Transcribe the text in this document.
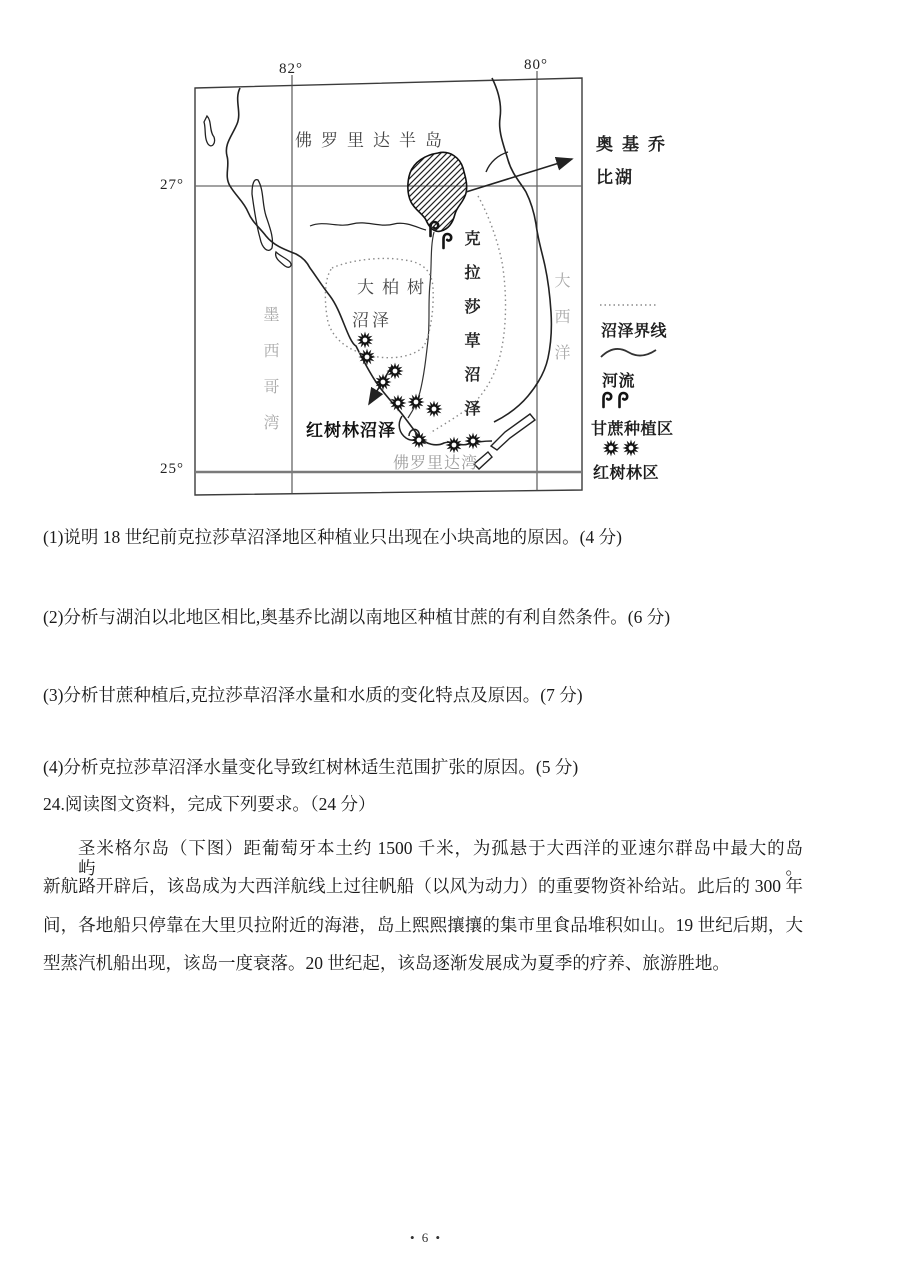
82°	80°
27°
25°
佛罗里达半岛	奥基乔
比湖
克拉莎草沼泽
大柏树
沼泽
墨西哥湾	大西洋
红树林沼泽
佛罗里达湾
沼泽界线
河流
甘蔗种植区
红树林区
(1)说明 18 世纪前克拉莎草沼泽地区种植业只出现在小块高地的原因。(4 分)
(2)分析与湖泊以北地区相比,奥基乔比湖以南地区种植甘蔗的有利自然条件。(6 分)
(3)分析甘蔗种植后,克拉莎草沼泽水量和水质的变化特点及原因。(7 分)
(4)分析克拉莎草沼泽水量变化导致红树林适生范围扩张的原因。(5 分)
24.阅读图文资料，完成下列要求。（24 分）
圣米格尔岛（下图）距葡萄牙本土约 1500 千米，为孤悬于大西洋的亚速尔群岛中最大的岛屿。
新航路开辟后，该岛成为大西洋航线上过往帆船（以风为动力）的重要物资补给站。此后的 300 年
间，各地船只停靠在大里贝拉附近的海港，岛上熙熙攘攘的集市里食品堆积如山。19 世纪后期，大
型蒸汽机船出现，该岛一度衰落。20 世纪起，该岛逐渐发展成为夏季的疗养、旅游胜地。
• 6 •
